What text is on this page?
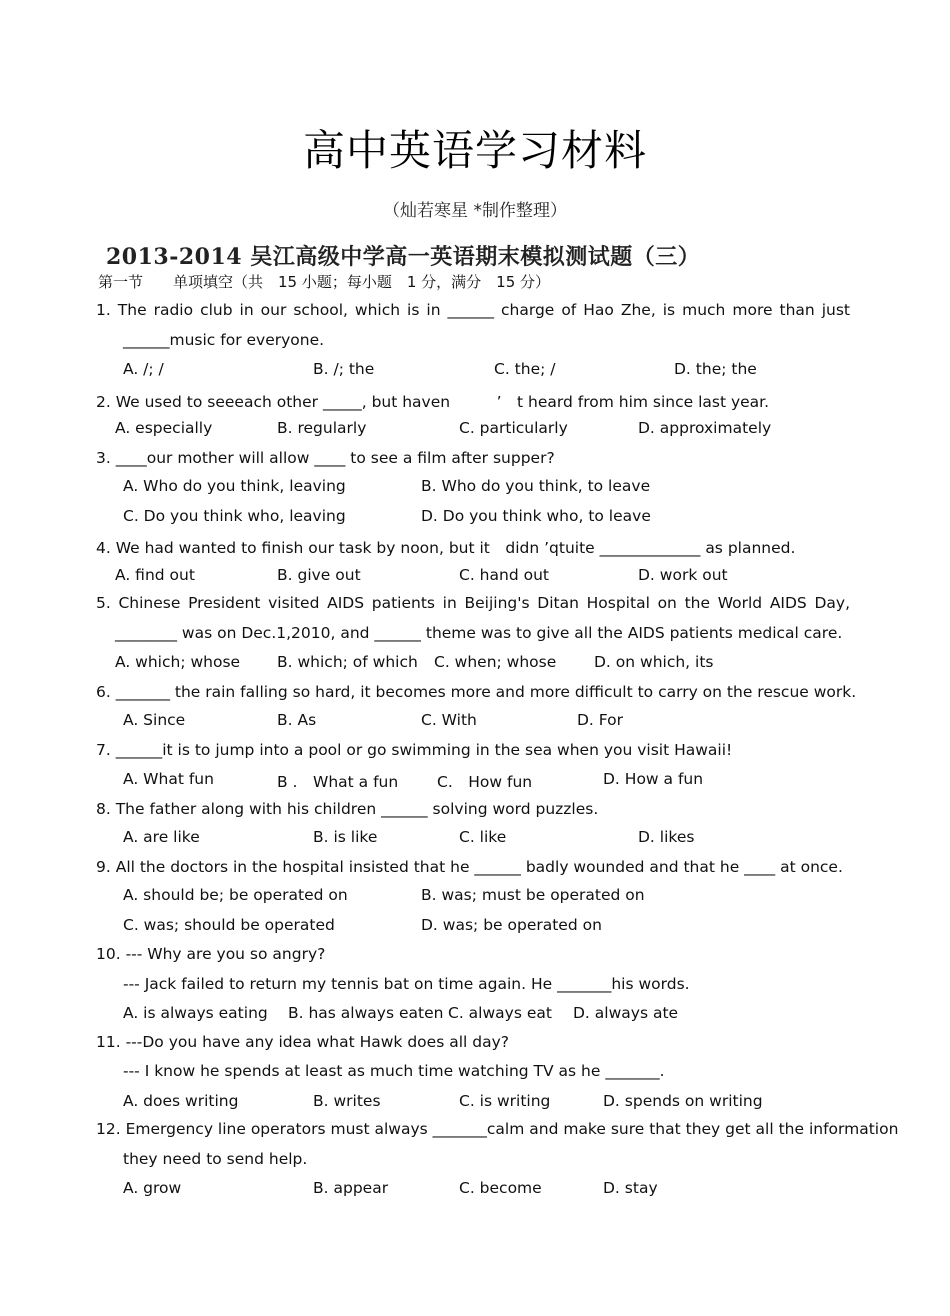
高中英语学习材料
（灿若寒星 *制作整理）
2013-2014 吴江高级中学高一英语期末模拟测试题（三）
第一节　　单项填空（共　15 小题；每小题　1 分，满分　15 分）
1. The radio club in our school, which is in ______ charge of Hao Zhe, is much more than just
______music for everyone.
A. /; /	B. /; the	C. the; /	D. the; the
2. We used to seeeach other _____, but haven　　　’　t heard from him since last year.
A. especially	B. regularly	C. particularly	D. approximately
3. ____our mother will allow ____ to see a film after supper?
A. Who do you think, leaving	B. Who do you think, to leave
C. Do you think who, leaving	D. Do you think who, to leave
4. We had wanted to finish our task by noon, but it　didn ’qtuite _____________ as planned.
A. find out	B. give out	C. hand out	D. work out
5. Chinese President visited AIDS patients in Beijing's Ditan Hospital on the World AIDS Day,
________ was on Dec.1,2010, and ______ theme was to give all the AIDS patients medical care.
A. which; whose B. which; of which C. when; whose D. on which, its
6. _______ the rain falling so hard, it becomes more and more difficult to carry on the rescue work.
A. Since	B. As	C. With	D. For
7. ______it is to jump into a pool or go swimming in the sea when you visit Hawaii!
A. What fun	B .　What a fun	C.　How fun	D. How a fun
8. The father along with his children ______ solving word puzzles.
A. are like	B. is like	C. like	D. likes
9. All the doctors in the hospital insisted that he ______ badly wounded and that he ____ at once.
A. should be; be operated on	B. was; must be operated on
C. was; should be operated	D. was; be operated on
10. --- Why are you so angry?
--- Jack failed to return my tennis bat on time again. He _______his words.
A. is always eating B. has always eaten C. always eat D. always ate
11. ---Do you have any idea what Hawk does all day?
--- I know he spends at least as much time watching TV as he _______.
A. does writing	B. writes	C. is writing	D. spends on writing
12. Emergency line operators must always _______calm and make sure that they get all the information
they need to send help.
A. grow	B. appear	C. become	D. stay
